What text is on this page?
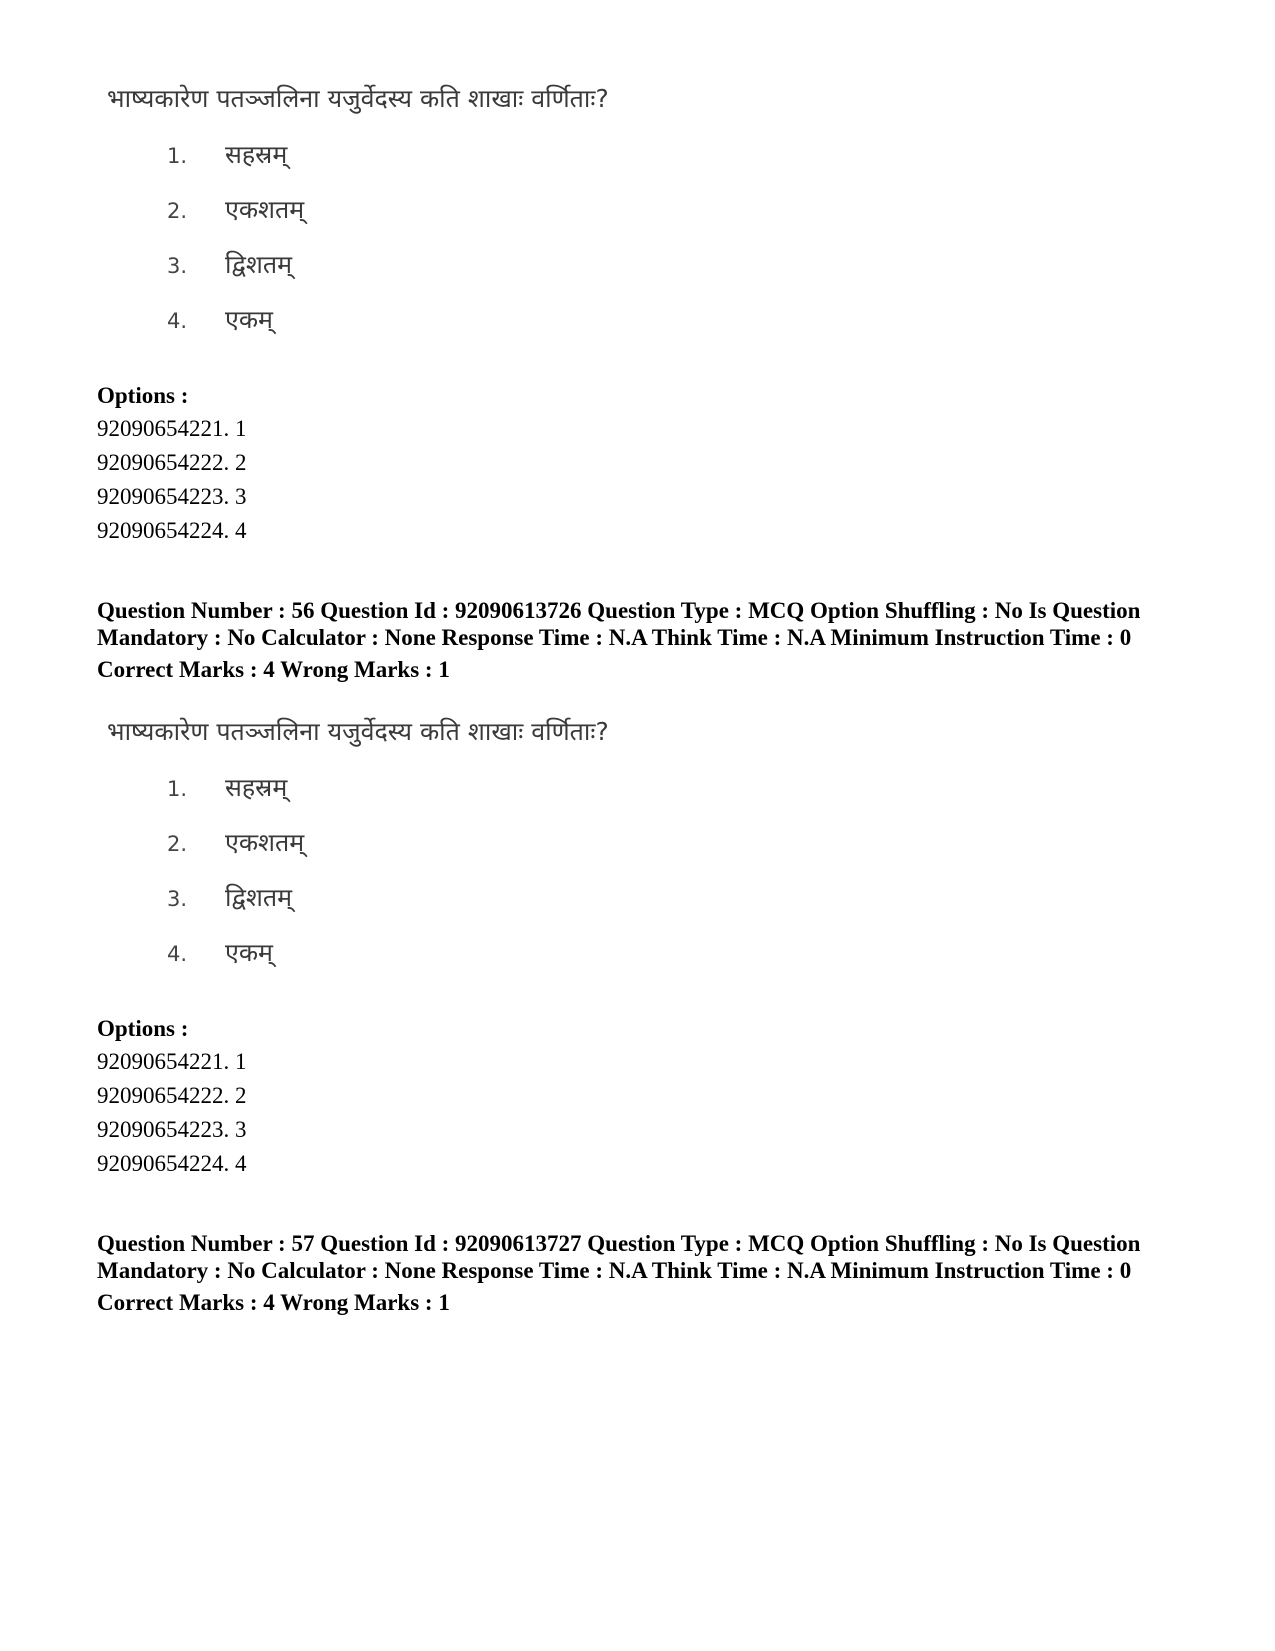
भाष्यकारेण पतञ्जलिना यजुर्वेदस्य कति शाखाः वर्णिताः?
1. सहस्रम्
2. एकशतम्
3. द्विशतम्
4. एकम्
Options :
92090654221. 1
92090654222. 2
92090654223. 3
92090654224. 4
Question Number : 56 Question Id : 92090613726 Question Type : MCQ Option Shuffling : No Is Question Mandatory : No Calculator : None Response Time : N.A Think Time : N.A Minimum Instruction Time : 0
Correct Marks : 4 Wrong Marks : 1
भाष्यकारेण पतञ्जलिना यजुर्वेदस्य कति शाखाः वर्णिताः?
1. सहस्रम्
2. एकशतम्
3. द्विशतम्
4. एकम्
Options :
92090654221. 1
92090654222. 2
92090654223. 3
92090654224. 4
Question Number : 57 Question Id : 92090613727 Question Type : MCQ Option Shuffling : No Is Question Mandatory : No Calculator : None Response Time : N.A Think Time : N.A Minimum Instruction Time : 0
Correct Marks : 4 Wrong Marks : 1
